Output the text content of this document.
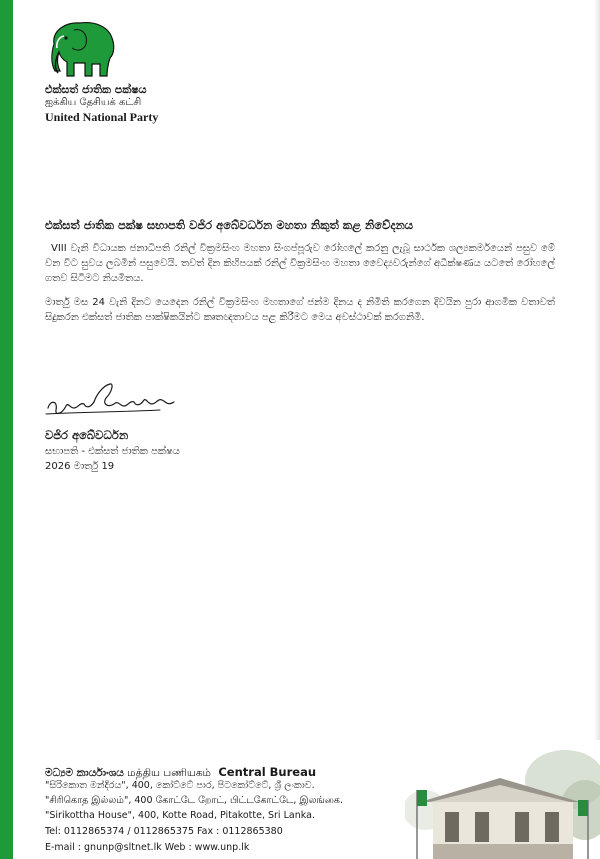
එක්සත් ජාතික පක්ෂය
ஐக்கிய தேசியக் கட்சி
United National Party
එක්සත් ජාතික පක්ෂ සභාපති වජිර අබේවර්ධන මහතා නිකුත් කළ නිවේදනය
VIII වැනි විධායක ජනාධිපති රනිල් වික්‍රමසිංහ මහතා සිංගප්පූරුව රෝහලේ කරනු ලැබූ සාර්ථක ශල්‍යකර්මයෙන් පසුව මේ වන විට සුවය ලබමින් පසුවෙයි. තවත් දින කිහිපයක් රනිල් වික්‍රමසිංහ මහතා වෛද්‍යවරුන්ගේ අධීක්ෂණය යටතේ රෝහලේ ගතව සිටීමට නියමිතය.
මාර්තු මස 24 වැනි දිනට යෙදෙන රනිල් වික්‍රමසිංහ මහතාගේ ජන්ම දිනය ද නිමිති කරගෙන දිවයින පුරා ආගමික වතාවත් සිදුකරන එක්සත් ජාතික පාක්ෂිකයින්ට කෘතඥතාවය පළ කිරීමට මෙය අවස්ථාවක් කරගනිමි.
වජිර අබේවර්ධන
සභාපති - එක්සත් ජාතික පක්ෂය
2026 මාර්තු 19
මධ්‍යම කාර්යාංශය மத்திய பணியகம் Central Bureau
"සිරිකොත මන්දිරය", 400, කෝට්ටේ පාර, පිටකෝට්ටේ, ශ්‍රී ලංකාව.
"சிரிகொத இல்லம்", 400 கோட்டே றோட், பிட்டகோட்டே, இலங்கை.
"Sirikottha House", 400, Kotte Road, Pitakotte, Sri Lanka.
Tel: 0112865374 / 0112865375 Fax : 0112865380
E-mail : gnunp@sltnet.lk Web : www.unp.lk
